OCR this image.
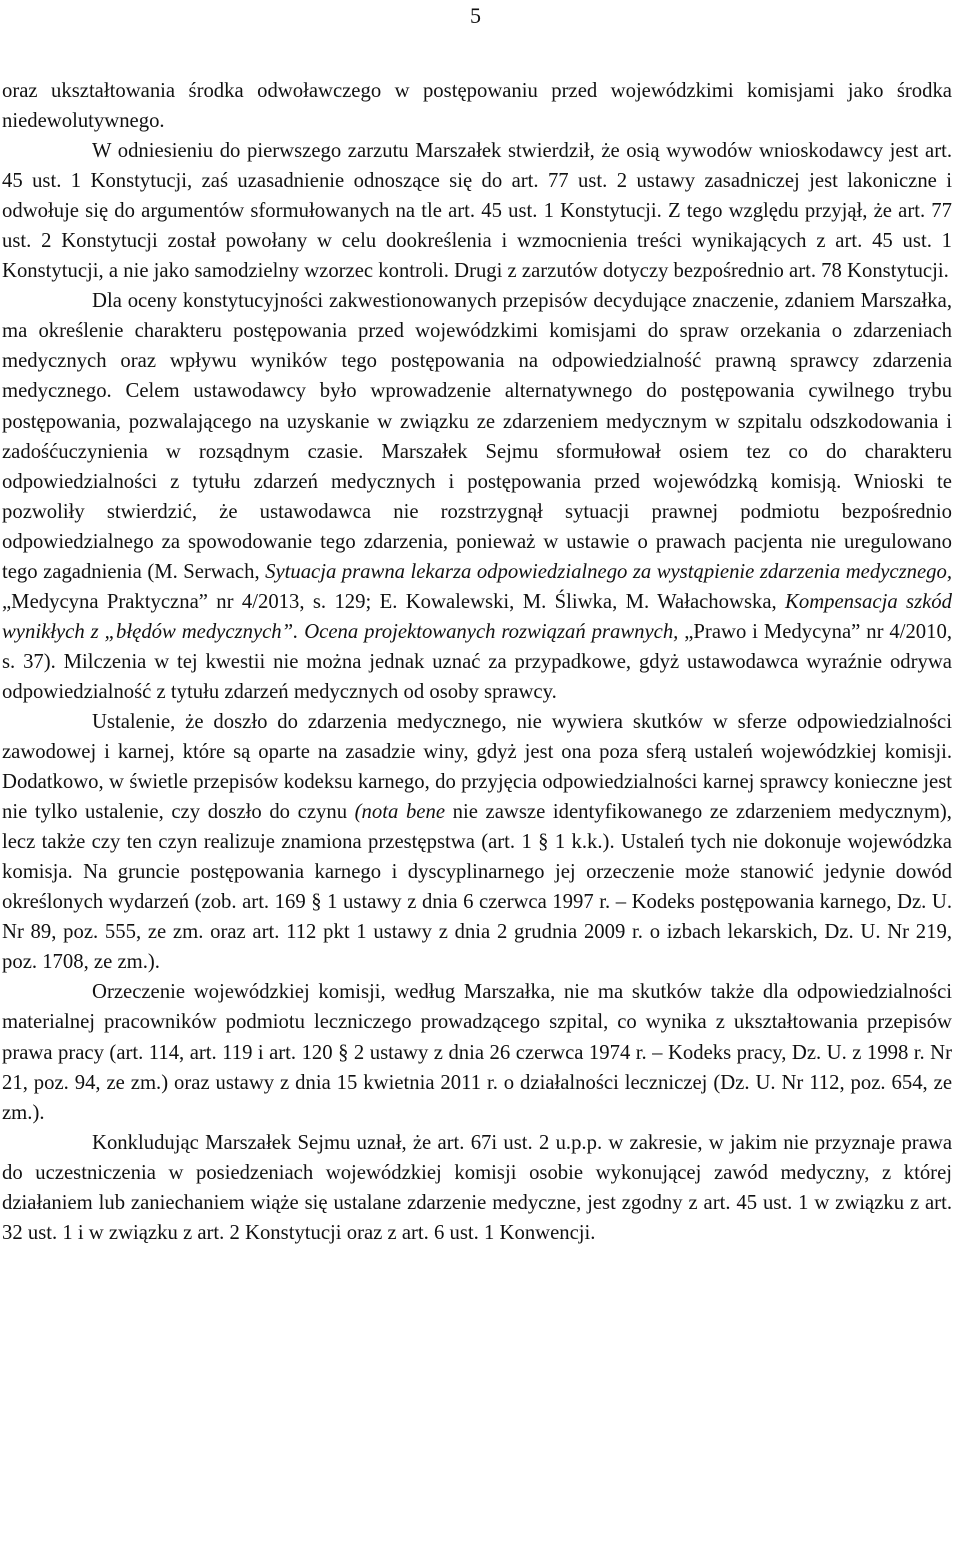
5

oraz ukształtowania środka odwoławczego w postępowaniu przed wojewódzkimi komisjami jako środka niedewolutywnego.

W odniesieniu do pierwszego zarzutu Marszałek stwierdził, że osią wywodów wnioskodawcy jest art. 45 ust. 1 Konstytucji, zaś uzasadnienie odnoszące się do art. 77 ust. 2 ustawy zasadniczej jest lakoniczne i odwołuje się do argumentów sformułowanych na tle art. 45 ust. 1 Konstytucji. Z tego względu przyjął, że art. 77 ust. 2 Konstytucji został powołany w celu dookreślenia i wzmocnienia treści wynikających z art. 45 ust. 1 Konstytucji, a nie jako samodzielny wzorzec kontroli. Drugi z zarzutów dotyczy bezpośrednio art. 78 Konstytucji.

Dla oceny konstytucyjności zakwestionowanych przepisów decydujące znaczenie, zdaniem Marszałka, ma określenie charakteru postępowania przed wojewódzkimi komisjami do spraw orzekania o zdarzeniach medycznych oraz wpływu wyników tego postępowania na odpowiedzialność prawną sprawcy zdarzenia medycznego. Celem ustawodawcy było wprowadzenie alternatywnego do postępowania cywilnego trybu postępowania, pozwalającego na uzyskanie w związku ze zdarzeniem medycznym w szpitalu odszkodowania i zadośćuczynienia w rozsądnym czasie. Marszałek Sejmu sformułował osiem tez co do charakteru odpowiedzialności z tytułu zdarzeń medycznych i postępowania przed wojewódzką komisją. Wnioski te pozwoliły stwierdzić, że ustawodawca nie rozstrzygnął sytuacji prawnej podmiotu bezpośrednio odpowiedzialnego za spowodowanie tego zdarzenia, ponieważ w ustawie o prawach pacjenta nie uregulowano tego zagadnienia (M. Serwach, Sytuacja prawna lekarza odpowiedzialnego za wystąpienie zdarzenia medycznego, „Medycyna Praktyczna” nr 4/2013, s. 129; E. Kowalewski, M. Śliwka, M. Wałachowska, Kompensacja szkód wynikłych z „błędów medycznych”. Ocena projektowanych rozwiązań prawnych, „Prawo i Medycyna” nr 4/2010, s. 37). Milczenia w tej kwestii nie można jednak uznać za przypadkowe, gdyż ustawodawca wyraźnie odrywa odpowiedzialność z tytułu zdarzeń medycznych od osoby sprawcy.

Ustalenie, że doszło do zdarzenia medycznego, nie wywiera skutków w sferze odpowiedzialności zawodowej i karnej, które są oparte na zasadzie winy, gdyż jest ona poza sferą ustaleń wojewódzkiej komisji. Dodatkowo, w świetle przepisów kodeksu karnego, do przyjęcia odpowiedzialności karnej sprawcy konieczne jest nie tylko ustalenie, czy doszło do czynu (nota bene nie zawsze identyfikowanego ze zdarzeniem medycznym), lecz także czy ten czyn realizuje znamiona przestępstwa (art. 1 § 1 k.k.). Ustaleń tych nie dokonuje wojewódzka komisja. Na gruncie postępowania karnego i dyscyplinarnego jej orzeczenie może stanowić jedynie dowód określonych wydarzeń (zob. art. 169 § 1 ustawy z dnia 6 czerwca 1997 r. – Kodeks postępowania karnego, Dz. U. Nr 89, poz. 555, ze zm. oraz art. 112 pkt 1 ustawy z dnia 2 grudnia 2009 r. o izbach lekarskich, Dz. U. Nr 219, poz. 1708, ze zm.).

Orzeczenie wojewódzkiej komisji, według Marszałka, nie ma skutków także dla odpowiedzialności materialnej pracowników podmiotu leczniczego prowadzącego szpital, co wynika z ukształtowania przepisów prawa pracy (art. 114, art. 119 i art. 120 § 2 ustawy z dnia 26 czerwca 1974 r. – Kodeks pracy, Dz. U. z 1998 r. Nr 21, poz. 94, ze zm.) oraz ustawy z dnia 15 kwietnia 2011 r. o działalności leczniczej (Dz. U. Nr 112, poz. 654, ze zm.).

Konkludując Marszałek Sejmu uznał, że art. 67i ust. 2 u.p.p. w zakresie, w jakim nie przyznaje prawa do uczestniczenia w posiedzeniach wojewódzkiej komisji osobie wykonującej zawód medyczny, z której działaniem lub zaniechaniem wiąże się ustalane zdarzenie medyczne, jest zgodny z art. 45 ust. 1 w związku z art. 32 ust. 1 i w związku z art. 2 Konstytucji oraz z art. 6 ust. 1 Konwencji.
